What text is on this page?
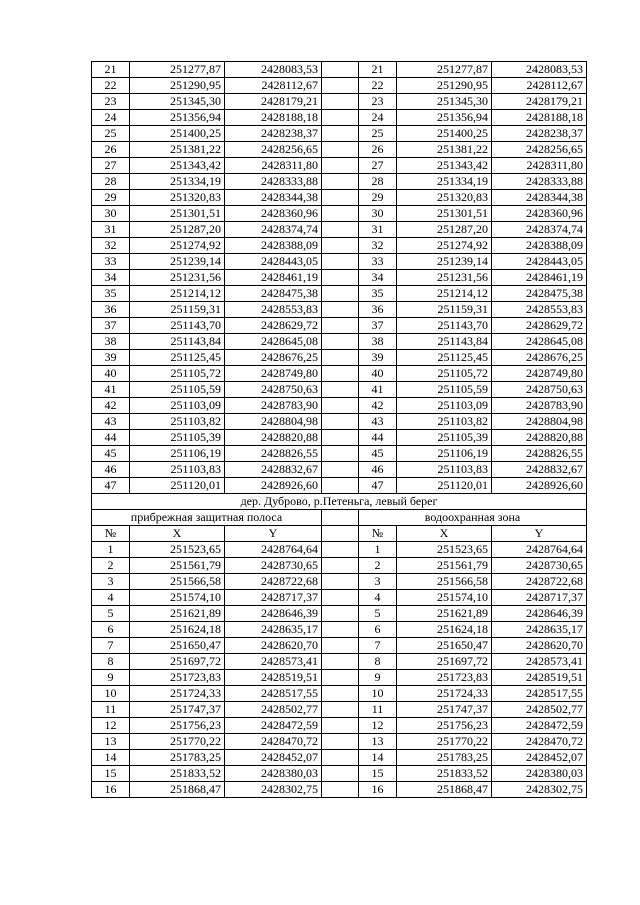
21	251277,87	2428083,53		21	251277,87	2428083,53
22	251290,95	2428112,67		22	251290,95	2428112,67
23	251345,30	2428179,21		23	251345,30	2428179,21
24	251356,94	2428188,18		24	251356,94	2428188,18
25	251400,25	2428238,37		25	251400,25	2428238,37
26	251381,22	2428256,65		26	251381,22	2428256,65
27	251343,42	2428311,80		27	251343,42	2428311,80
28	251334,19	2428333,88		28	251334,19	2428333,88
29	251320,83	2428344,38		29	251320,83	2428344,38
30	251301,51	2428360,96		30	251301,51	2428360,96
31	251287,20	2428374,74		31	251287,20	2428374,74
32	251274,92	2428388,09		32	251274,92	2428388,09
33	251239,14	2428443,05		33	251239,14	2428443,05
34	251231,56	2428461,19		34	251231,56	2428461,19
35	251214,12	2428475,38		35	251214,12	2428475,38
36	251159,31	2428553,83		36	251159,31	2428553,83
37	251143,70	2428629,72		37	251143,70	2428629,72
38	251143,84	2428645,08		38	251143,84	2428645,08
39	251125,45	2428676,25		39	251125,45	2428676,25
40	251105,72	2428749,80		40	251105,72	2428749,80
41	251105,59	2428750,63		41	251105,59	2428750,63
42	251103,09	2428783,90		42	251103,09	2428783,90
43	251103,82	2428804,98		43	251103,82	2428804,98
44	251105,39	2428820,88		44	251105,39	2428820,88
45	251106,19	2428826,55		45	251106,19	2428826,55
46	251103,83	2428832,67		46	251103,83	2428832,67
47	251120,01	2428926,60		47	251120,01	2428926,60
дер. Дуброво, р.Петеньга, левый берег						
прибрежная защитная полоса				водоохранная зона		
№	X	Y		№	X	Y
1	251523,65	2428764,64		1	251523,65	2428764,64
2	251561,79	2428730,65		2	251561,79	2428730,65
3	251566,58	2428722,68		3	251566,58	2428722,68
4	251574,10	2428717,37		4	251574,10	2428717,37
5	251621,89	2428646,39		5	251621,89	2428646,39
6	251624,18	2428635,17		6	251624,18	2428635,17
7	251650,47	2428620,70		7	251650,47	2428620,70
8	251697,72	2428573,41		8	251697,72	2428573,41
9	251723,83	2428519,51		9	251723,83	2428519,51
10	251724,33	2428517,55		10	251724,33	2428517,55
11	251747,37	2428502,77		11	251747,37	2428502,77
12	251756,23	2428472,59		12	251756,23	2428472,59
13	251770,22	2428470,72		13	251770,22	2428470,72
14	251783,25	2428452,07		14	251783,25	2428452,07
15	251833,52	2428380,03		15	251833,52	2428380,03
16	251868,47	2428302,75		16	251868,47	2428302,75
